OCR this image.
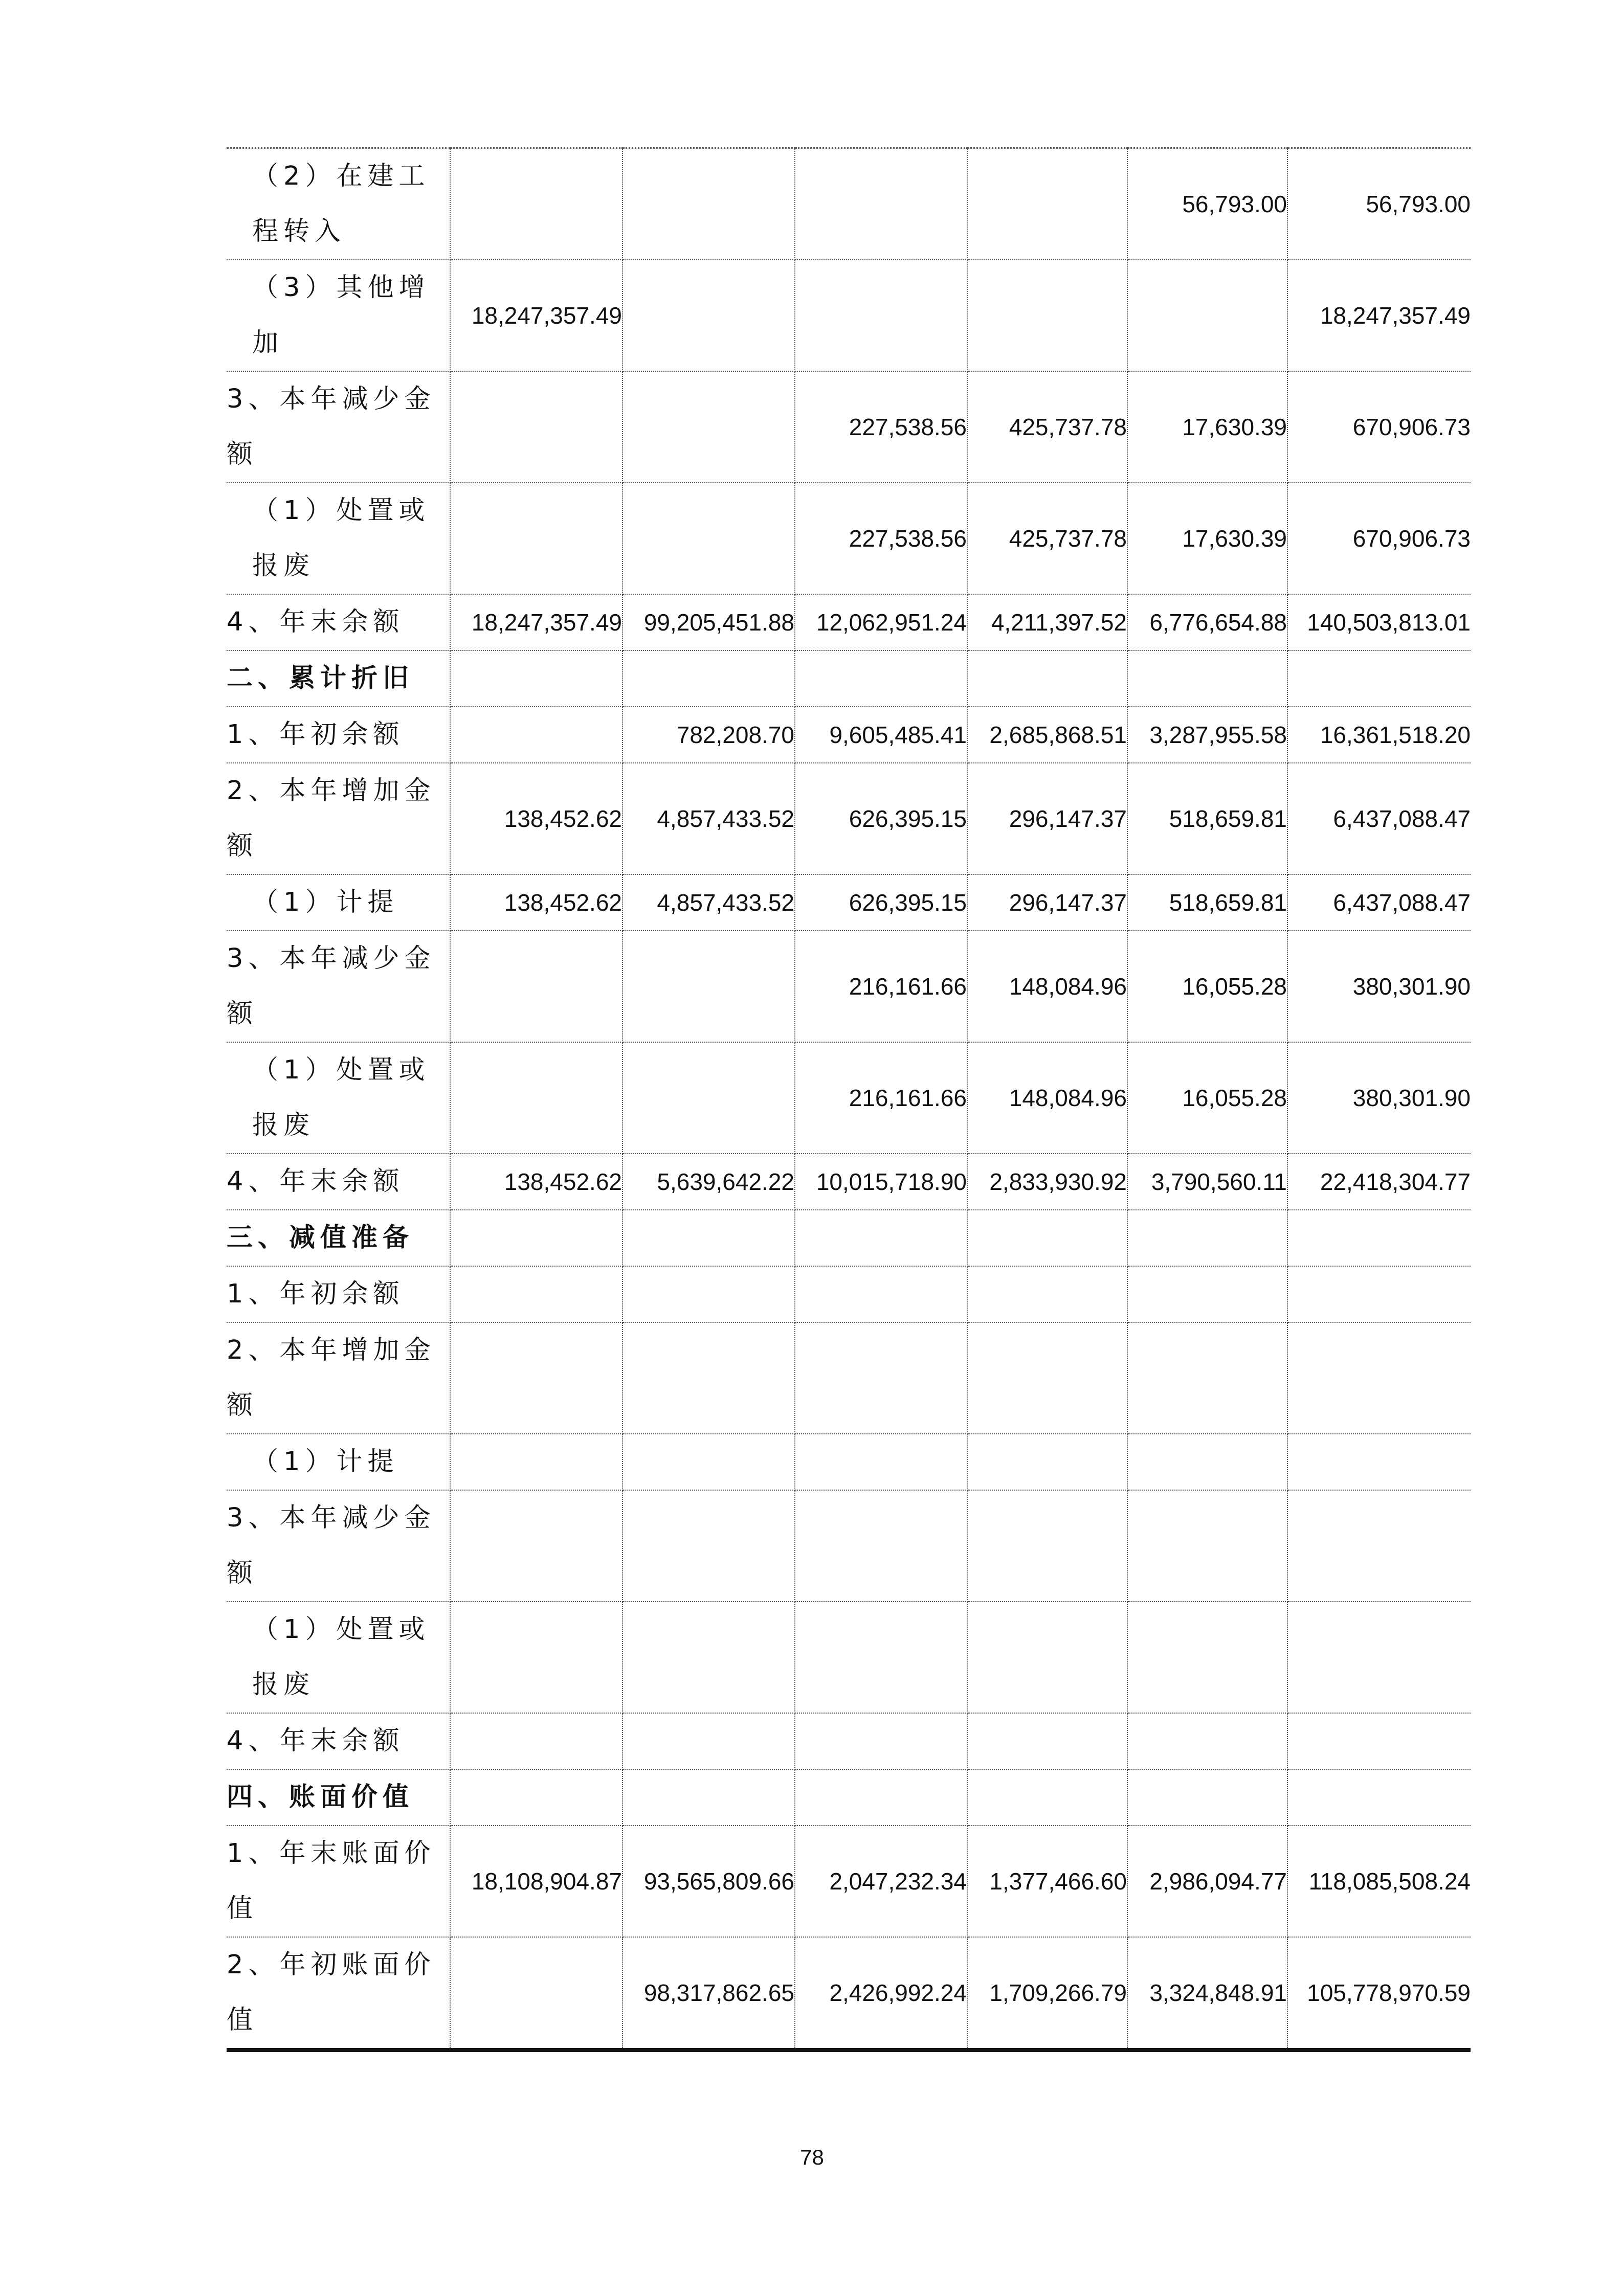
（2）在建工程转入					56,793.00	56,793.00
（3）其他增加	18,247,357.49					18,247,357.49
3、本年减少金额			227,538.56	425,737.78	17,630.39	670,906.73
（1）处置或报废			227,538.56	425,737.78	17,630.39	670,906.73
4、年末余额	18,247,357.49	99,205,451.88	12,062,951.24	4,211,397.52	6,776,654.88	140,503,813.01
二、累计折旧						
1、年初余额		782,208.70	9,605,485.41	2,685,868.51	3,287,955.58	16,361,518.20
2、本年增加金额	138,452.62	4,857,433.52	626,395.15	296,147.37	518,659.81	6,437,088.47
（1）计提	138,452.62	4,857,433.52	626,395.15	296,147.37	518,659.81	6,437,088.47
3、本年减少金额			216,161.66	148,084.96	16,055.28	380,301.90
（1）处置或报废			216,161.66	148,084.96	16,055.28	380,301.90
4、年末余额	138,452.62	5,639,642.22	10,015,718.90	2,833,930.92	3,790,560.11	22,418,304.77
三、减值准备						
1、年初余额						
2、本年增加金额						
（1）计提						
3、本年减少金额						
（1）处置或报废						
4、年末余额						
四、账面价值						
1、年末账面价值	18,108,904.87	93,565,809.66	2,047,232.34	1,377,466.60	2,986,094.77	118,085,508.24
2、年初账面价值		98,317,862.65	2,426,992.24	1,709,266.79	3,324,848.91	105,778,970.59
78
